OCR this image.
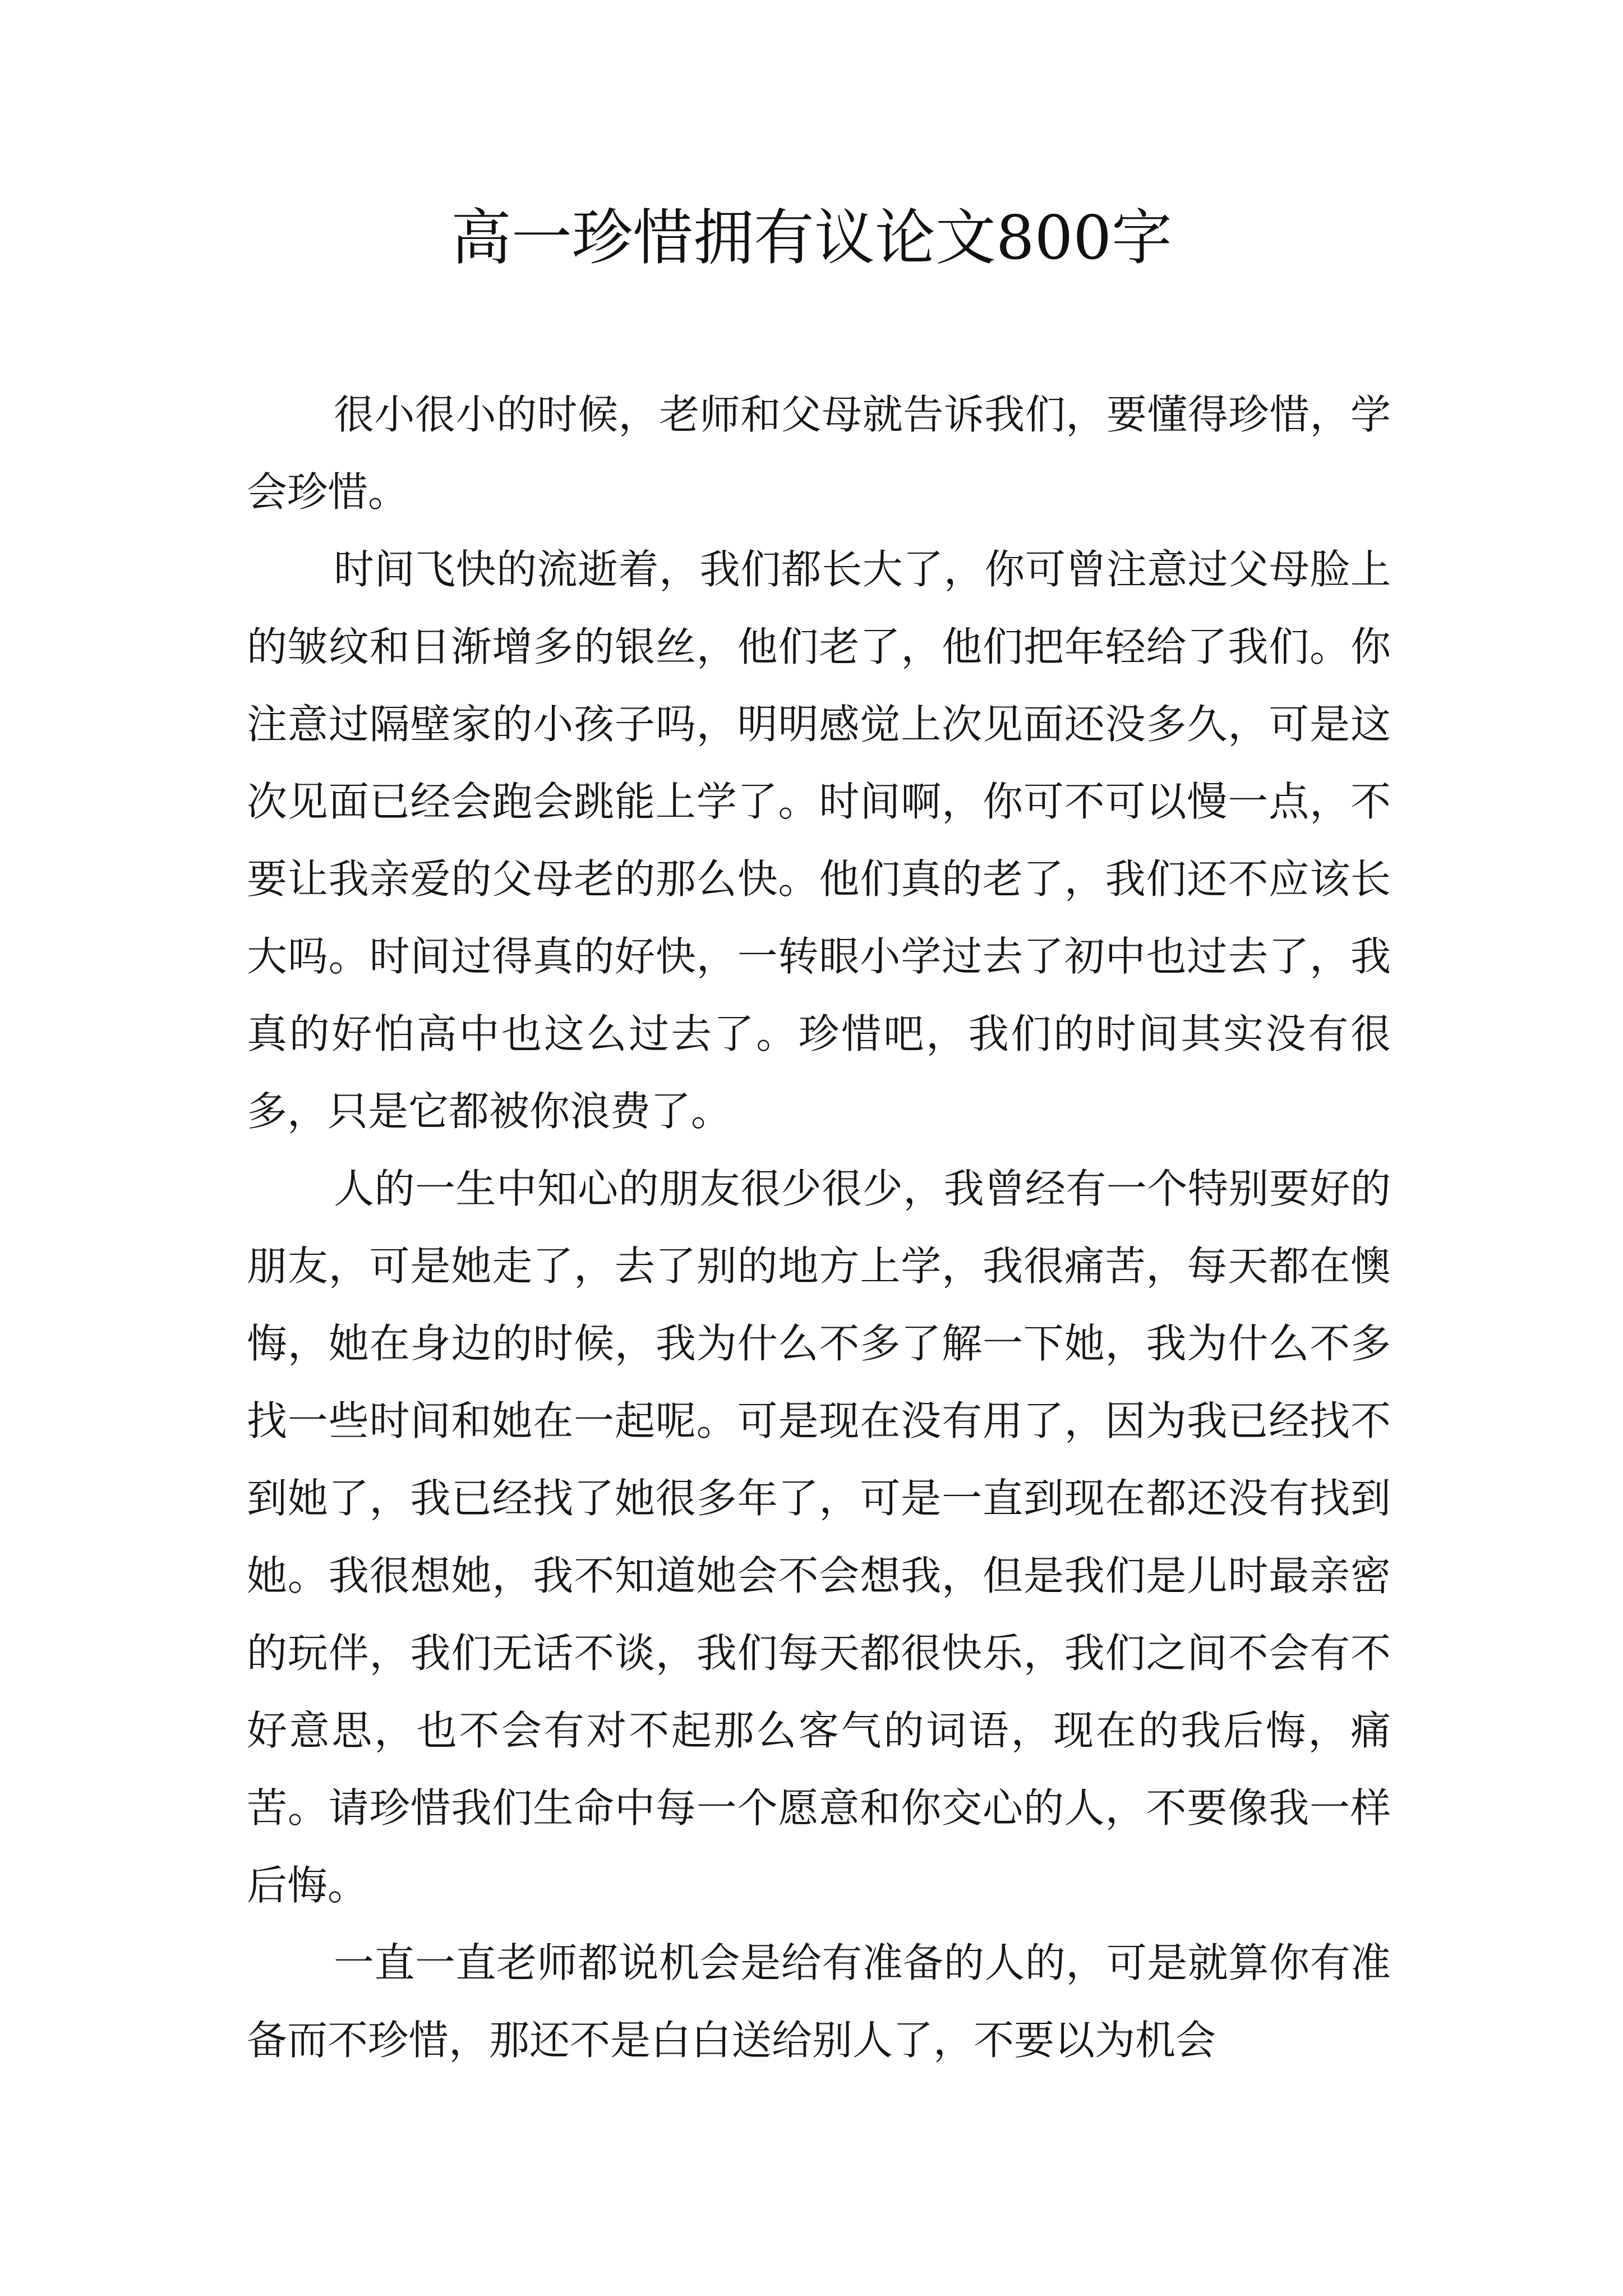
高一珍惜拥有议论文800字

很小很小的时候，老师和父母就告诉我们，要懂得珍惜，学会珍惜。

时间飞快的流逝着，我们都长大了，你可曾注意过父母脸上的皱纹和日渐增多的银丝，他们老了，他们把年轻给了我们。你注意过隔壁家的小孩子吗，明明感觉上次见面还没多久，可是这次见面已经会跑会跳能上学了。时间啊，你可不可以慢一点，不要让我亲爱的父母老的那么快。他们真的老了，我们还不应该长大吗。时间过得真的好快，一转眼小学过去了初中也过去了，我真的好怕高中也这么过去了。珍惜吧，我们的时间其实没有很多，只是它都被你浪费了。

人的一生中知心的朋友很少很少，我曾经有一个特别要好的朋友，可是她走了，去了别的地方上学，我很痛苦，每天都在懊悔，她在身边的时候，我为什么不多了解一下她，我为什么不多找一些时间和她在一起呢。可是现在没有用了，因为我已经找不到她了，我已经找了她很多年了，可是一直到现在都还没有找到她。我很想她，我不知道她会不会想我，但是我们是儿时最亲密的玩伴，我们无话不谈，我们每天都很快乐，我们之间不会有不好意思，也不会有对不起那么客气的词语，现在的我后悔，痛苦。请珍惜我们生命中每一个愿意和你交心的人，不要像我一样后悔。

一直一直老师都说机会是给有准备的人的，可是就算你有准备而不珍惜，那还不是白白送给别人了，不要以为机会
